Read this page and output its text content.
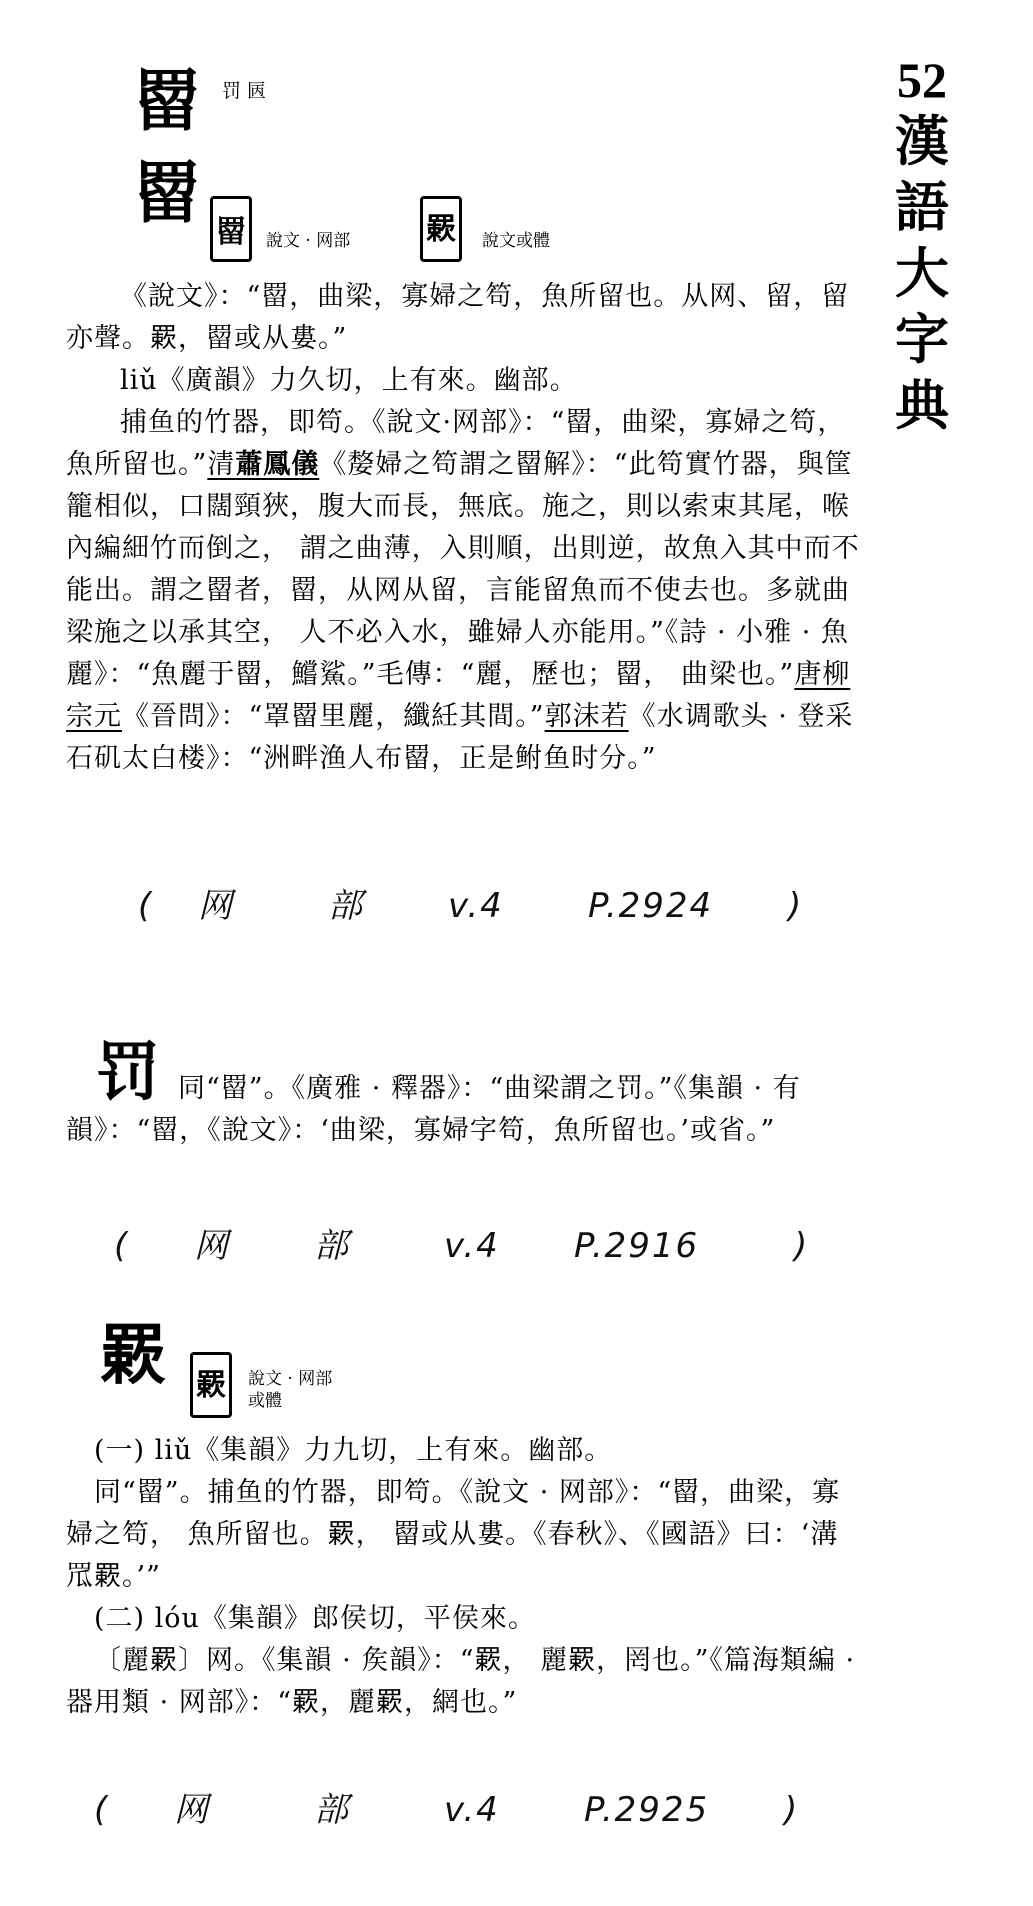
52
漢
語
大
字
典
罶 罚 㔷
罶
罶	說文 · 网部	𦌊	說文或體
《說文》：“罶，曲梁，寡婦之笱，魚所留也。从网、留，留亦聲。𦌊，罶或从婁。”
liǔ《廣韻》力久切，上有來。幽部。
捕鱼的竹器，即笱。《說文·网部》：“罶，曲梁，寡婦之笱，魚所留也。”清蕭鳳儀《嫠婦之笱謂之罶解》：“此笱實竹器，與筐籠相似，口闊頸狹，腹大而長，無底。施之，則以索束其尾，喉內編細竹而倒之， 謂之曲薄，入則順，出則逆，故魚入其中而不能出。謂之罶者，罶，从网从留，言能留魚而不使去也。多就曲梁施之以承其空， 人不必入水，雖婦人亦能用。”《詩 · 小雅 · 魚麗》：“魚麗于罶，鱨鯊。”毛傳：“麗，歷也；罶， 曲梁也。”唐柳宗元《晉問》：“罩罶里麗，纖紝其間。”郭沫若《水调歌头 · 登采石矶太白楼》：“洲畔渔人布罶，正是鲋鱼时分。”
( 网	部 v.4 P.2924 )
罚 同“罶”。《廣雅 · 釋器》：“曲梁謂之罚。”《集韻 · 有韻》：“罶，《說文》：‘曲梁，寡婦字笱，魚所留也。’或省。”
( 网 部	v.4 P.2916	)
𦌊 𦌊	說文 · 网部
或體
(一) liǔ《集韻》力九切，上有來。幽部。
同“罶”。捕鱼的竹器，即笱。《說文 · 网部》：“罶，曲梁，寡婦之笱， 魚所留也。𦌊， 罶或从婁。《春秋》、《國語》曰：‘溝罛𦌊。’”
(二) lóu《集韻》郎侯切，平侯來。
〔麗𦌊〕网。《集韻 · 矦韻》：“𦌊， 麗𦌊，罔也。”《篇海類編 · 器用類 · 网部》：“𦌊，麗𦌊，網也。”
( 网	部	v.4 P.2925 )
